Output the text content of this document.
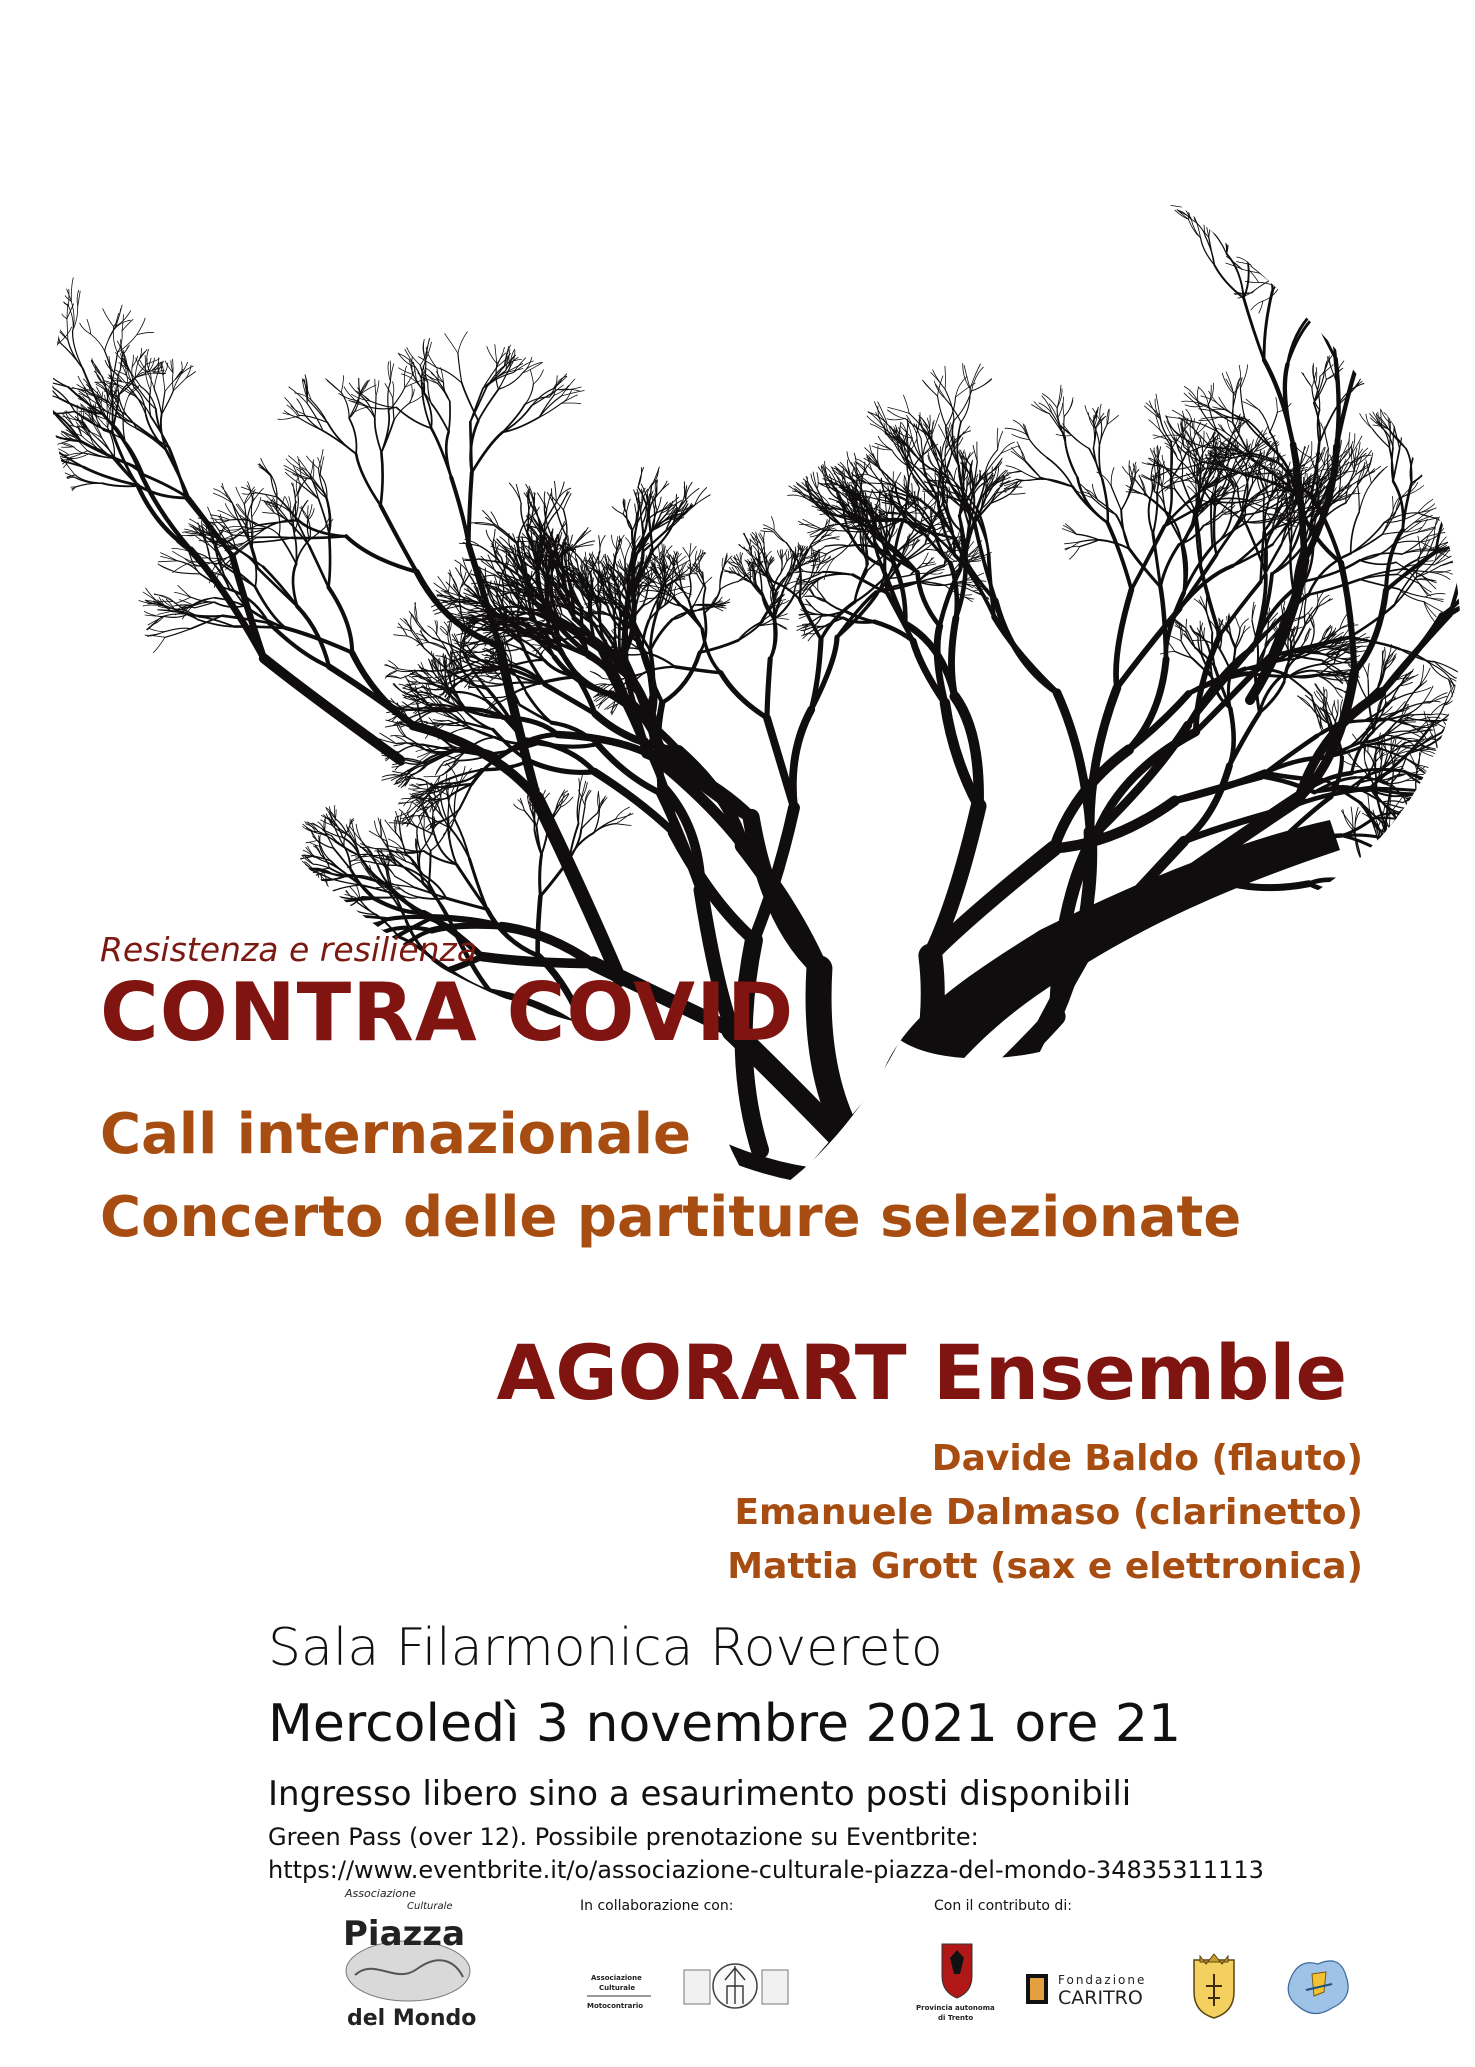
Resistenza e resilienza
CONTRA COVID
Call internazionale
Concerto delle partiture selezionate
AGORART Ensemble
Davide Baldo (flauto)
Emanuele Dalmaso (clarinetto)
Mattia Grott (sax e elettronica)
Sala Filarmonica Rovereto
Mercoledì 3 novembre 2021 ore 21
Ingresso libero sino a esaurimento posti disponibili
Green Pass (over 12). Possibile prenotazione su Eventbrite:
https://www.eventbrite.it/o/associazione-culturale-piazza-del-mondo-34835311113
Associazione
Culturale
Piazza
del Mondo
In collaborazione con:	Con il contributo di:
Associazione
Culturale
Motocontrario	Provincia autonoma
di Trento
Fondazione
CARITRO
